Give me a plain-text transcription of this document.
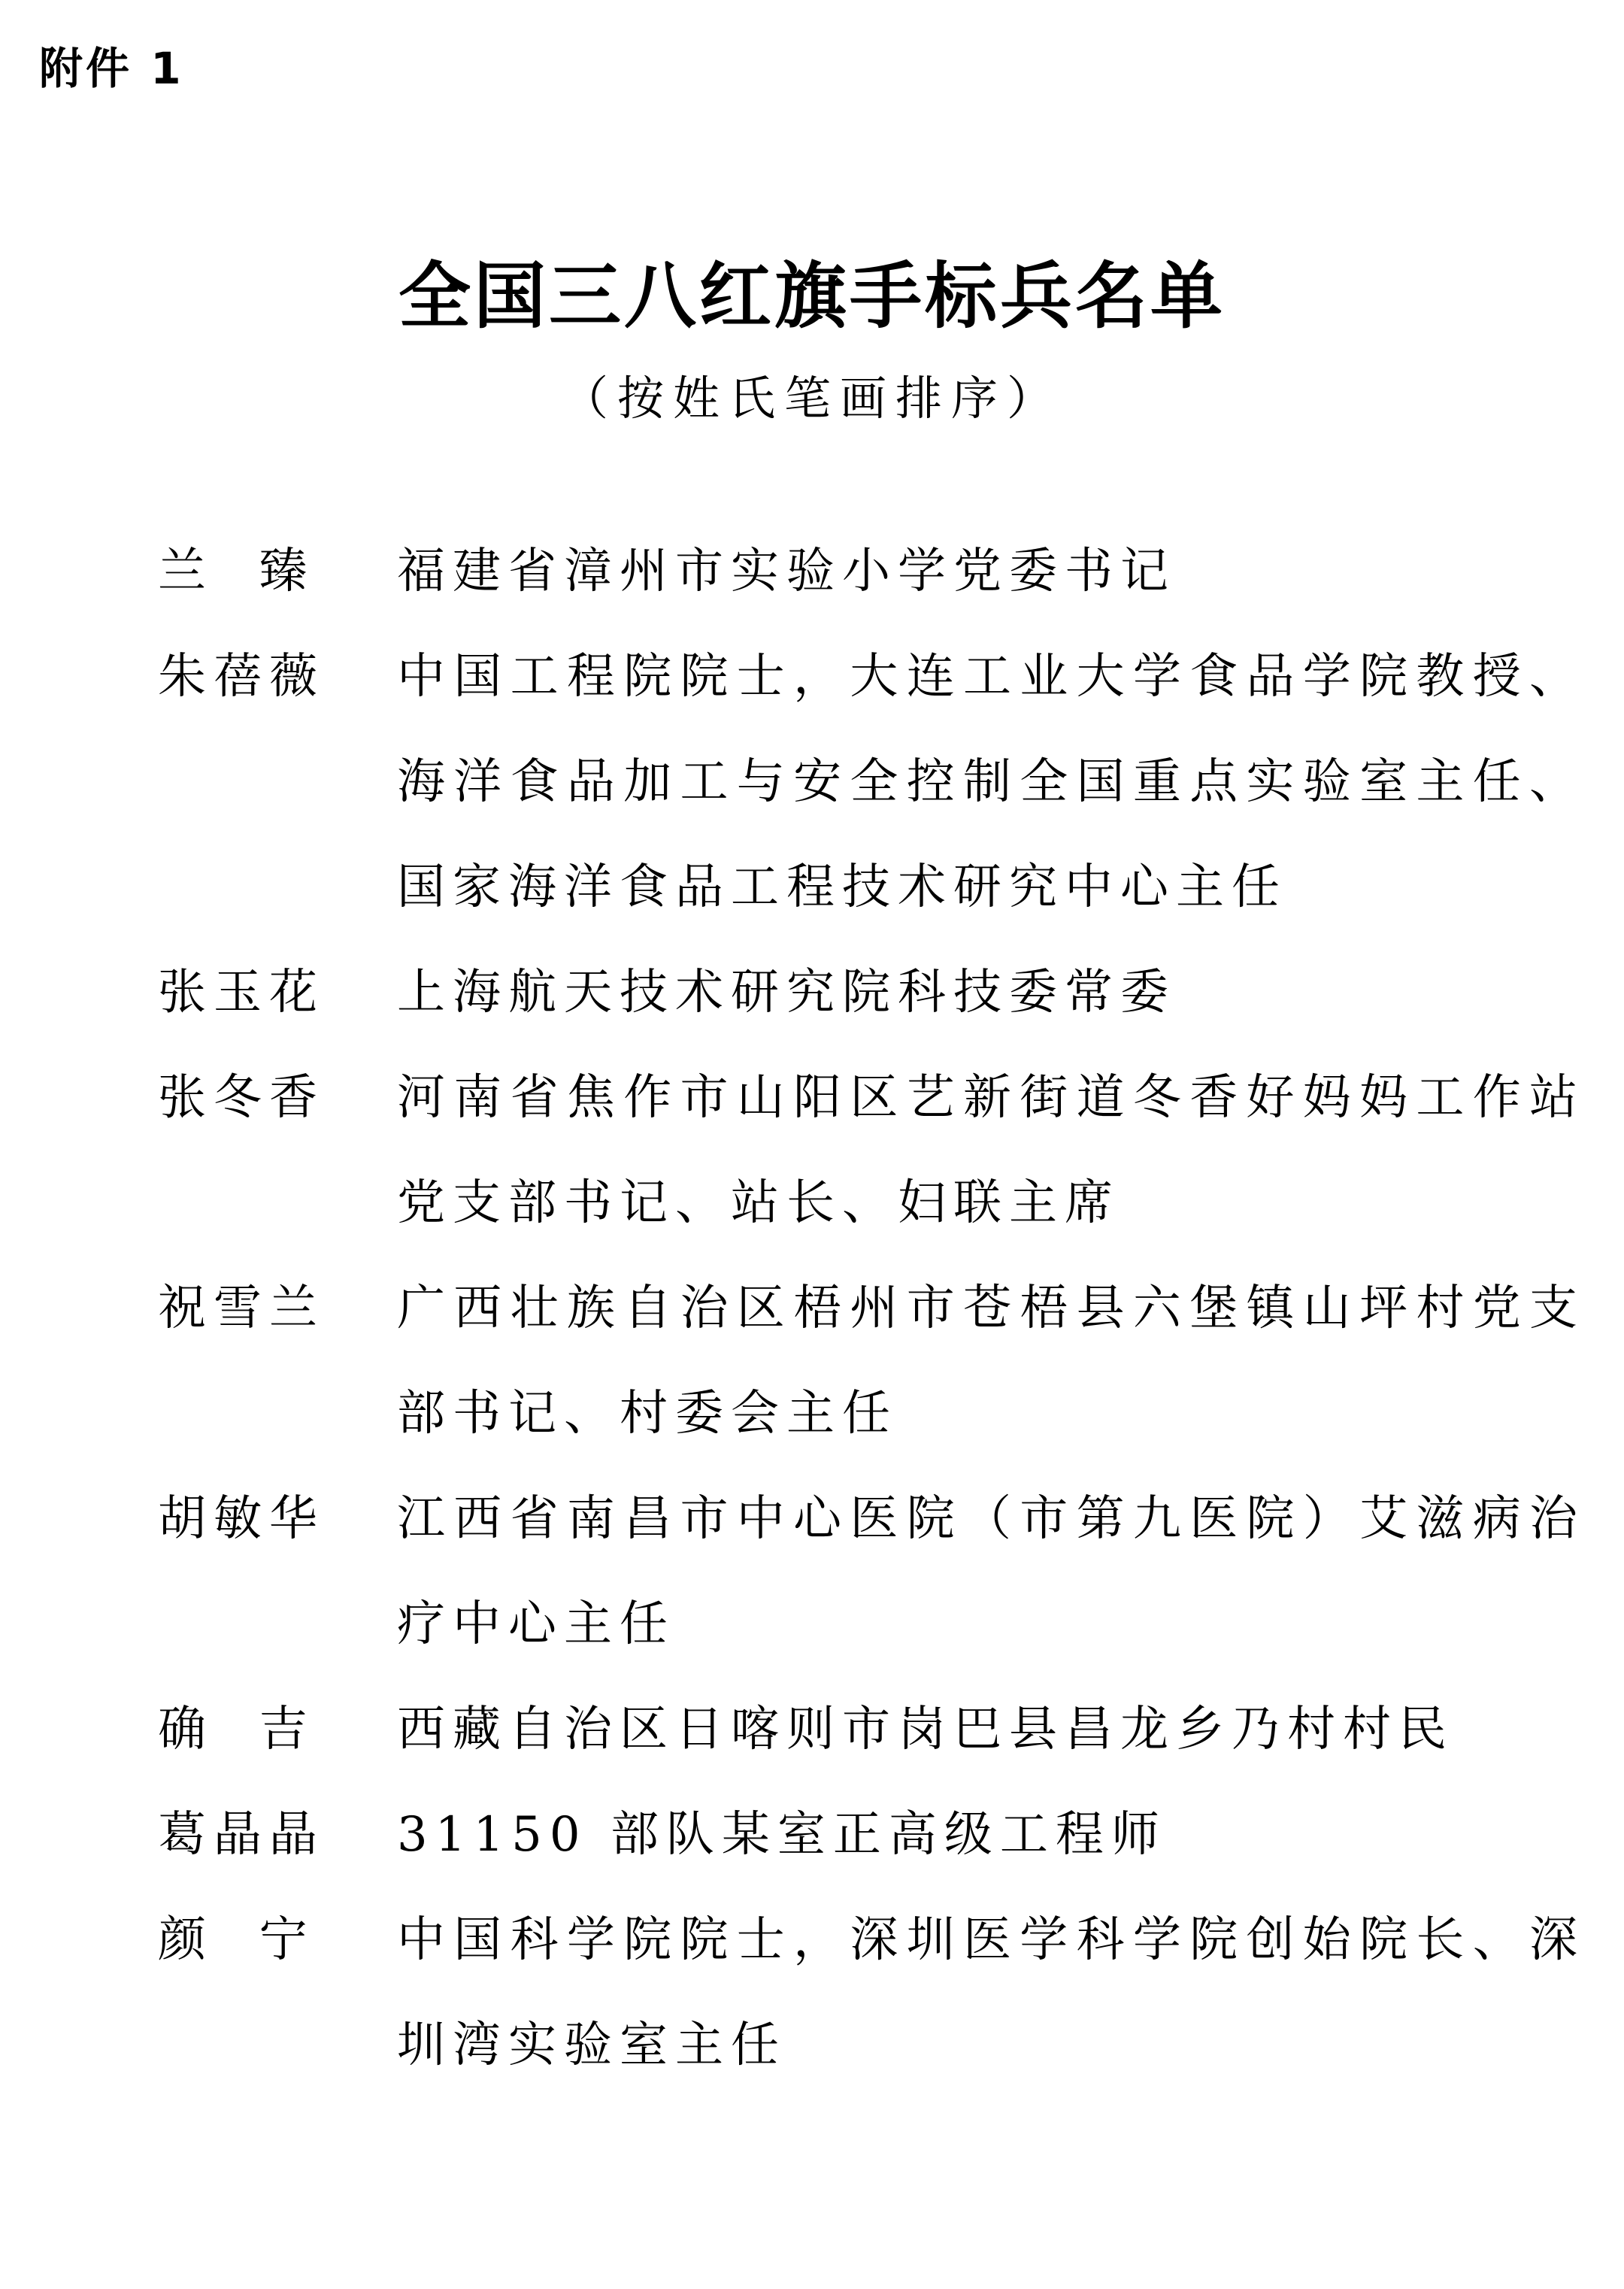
附件 1
全国三八红旗手标兵名单
（按姓氏笔画排序）
兰  臻	福建省漳州市实验小学党委书记
朱蓓薇	中国工程院院士，大连工业大学食品学院教授、海洋食品加工与安全控制全国重点实验室主任、国家海洋食品工程技术研究中心主任
张玉花	上海航天技术研究院科技委常委
张冬香	河南省焦作市山阳区艺新街道冬香好妈妈工作站党支部书记、站长、妇联主席
祝雪兰	广西壮族自治区梧州市苍梧县六堡镇山坪村党支部书记、村委会主任
胡敏华	江西省南昌市中心医院（市第九医院）艾滋病治疗中心主任
确  吉	西藏自治区日喀则市岗巴县昌龙乡乃村村民
葛晶晶	31150 部队某室正高级工程师
颜  宁	中国科学院院士，深圳医学科学院创始院长、深圳湾实验室主任
